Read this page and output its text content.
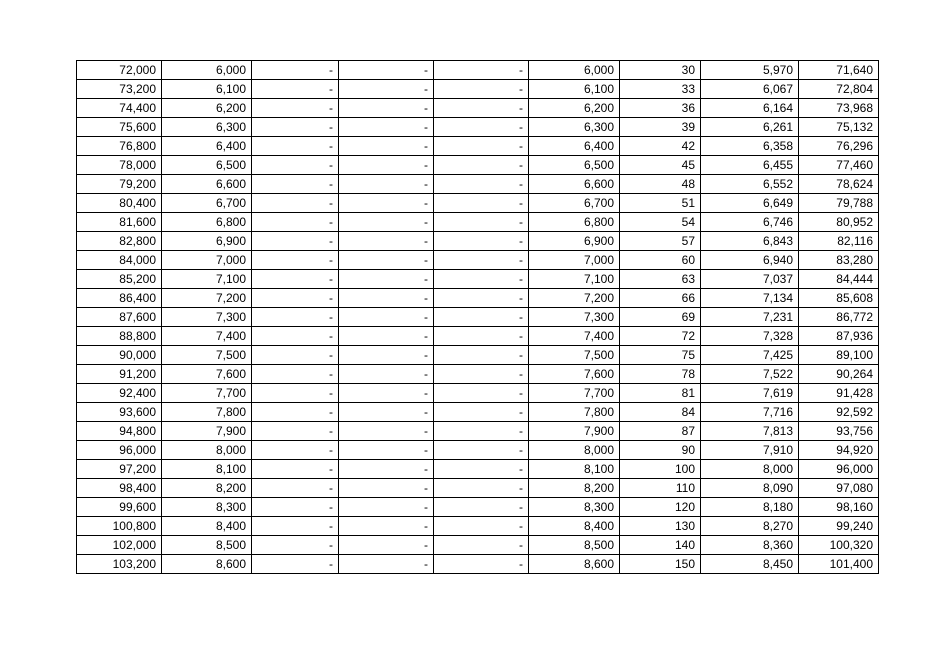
72,000	6,000	-	-	-	6,000	30	5,970	71,640
73,200	6,100	-	-	-	6,100	33	6,067	72,804
74,400	6,200	-	-	-	6,200	36	6,164	73,968
75,600	6,300	-	-	-	6,300	39	6,261	75,132
76,800	6,400	-	-	-	6,400	42	6,358	76,296
78,000	6,500	-	-	-	6,500	45	6,455	77,460
79,200	6,600	-	-	-	6,600	48	6,552	78,624
80,400	6,700	-	-	-	6,700	51	6,649	79,788
81,600	6,800	-	-	-	6,800	54	6,746	80,952
82,800	6,900	-	-	-	6,900	57	6,843	82,116
84,000	7,000	-	-	-	7,000	60	6,940	83,280
85,200	7,100	-	-	-	7,100	63	7,037	84,444
86,400	7,200	-	-	-	7,200	66	7,134	85,608
87,600	7,300	-	-	-	7,300	69	7,231	86,772
88,800	7,400	-	-	-	7,400	72	7,328	87,936
90,000	7,500	-	-	-	7,500	75	7,425	89,100
91,200	7,600	-	-	-	7,600	78	7,522	90,264
92,400	7,700	-	-	-	7,700	81	7,619	91,428
93,600	7,800	-	-	-	7,800	84	7,716	92,592
94,800	7,900	-	-	-	7,900	87	7,813	93,756
96,000	8,000	-	-	-	8,000	90	7,910	94,920
97,200	8,100	-	-	-	8,100	100	8,000	96,000
98,400	8,200	-	-	-	8,200	110	8,090	97,080
99,600	8,300	-	-	-	8,300	120	8,180	98,160
100,800	8,400	-	-	-	8,400	130	8,270	99,240
102,000	8,500	-	-	-	8,500	140	8,360	100,320
103,200	8,600	-	-	-	8,600	150	8,450	101,400
